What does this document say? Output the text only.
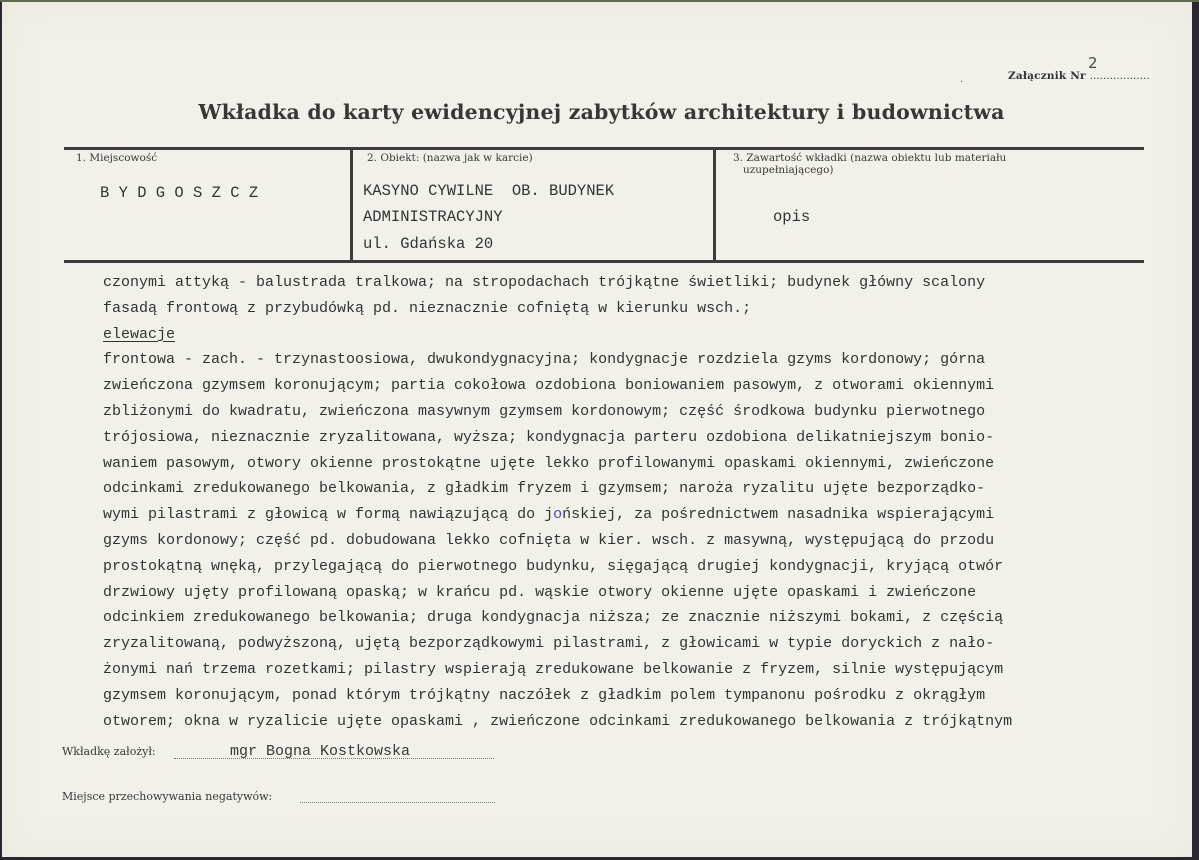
2
.	Załącznik Nr ..................
Wkładka do karty ewidencyjnej zabytków architektury i budownictwa
1. Miejscowość
B Y D G O S Z C Z
2. Obiekt: (nazwa jak w karcie)
KASYNO CYWILNE  OB. BUDYNEK
ADMINISTRACYJNY
ul. Gdańska 20
3. Zawartość wkładki (nazwa obiektu lub materiału
uzupełniającego)
opis
czonymi attyką - balustrada tralkowa; na stropodachach trójkątne świetliki; budynek główny scalony
fasadą frontową z przybudówką pd. nieznacznie cofniętą w kierunku wsch.;
elewacje
frontowa - zach. - trzynastoosiowa, dwukondygnacyjna; kondygnacje rozdziela gzyms kordonowy; górna
zwieńczona gzymsem koronującym; partia cokołowa ozdobiona boniowaniem pasowym, z otworami okiennymi
zbliżonymi do kwadratu, zwieńczona masywnym gzymsem kordonowym; część środkowa budynku pierwotnego
trójosiowa, nieznacznie zryzalitowana, wyższa; kondygnacja parteru ozdobiona delikatniejszym bonio-
waniem pasowym, otwory okienne prostokątne ujęte lekko profilowanymi opaskami okiennymi, zwieńczone
odcinkami zredukowanego belkowania, z gładkim fryzem i gzymsem; naroża ryzalitu ujęte bezporządko-
wymi pilastrami z głowicą w formą nawiązującą do jońskiej, za pośrednictwem nasadnika wspierającymi
gzyms kordonowy; część pd. dobudowana lekko cofnięta w kier. wsch. z masywną, występującą do przodu
prostokątną wnęką, przylegającą do pierwotnego budynku, sięgającą drugiej kondygnacji, kryjącą otwór
drzwiowy ujęty profilowaną opaską; w krańcu pd. wąskie otwory okienne ujęte opaskami i zwieńczone
odcinkiem zredukowanego belkowania; druga kondygnacja niższa; ze znacznie niższymi bokami, z częścią
zryzalitowaną, podwyższoną, ujętą bezporządkowymi pilastrami, z głowicami w typie doryckich z nało-
żonymi nań trzema rozetkami; pilastry wspierają zredukowane belkowanie z fryzem, silnie występującym
gzymsem koronującym, ponad którym trójkątny naczółek z gładkim polem tympanonu pośrodku z okrągłym
otworem; okna w ryzalicie ujęte opaskami , zwieńczone odcinkami zredukowanego belkowania z trójkątnym
Wkładkę założył:	mgr Bogna Kostkowska
Miejsce przechowywania negatywów:
